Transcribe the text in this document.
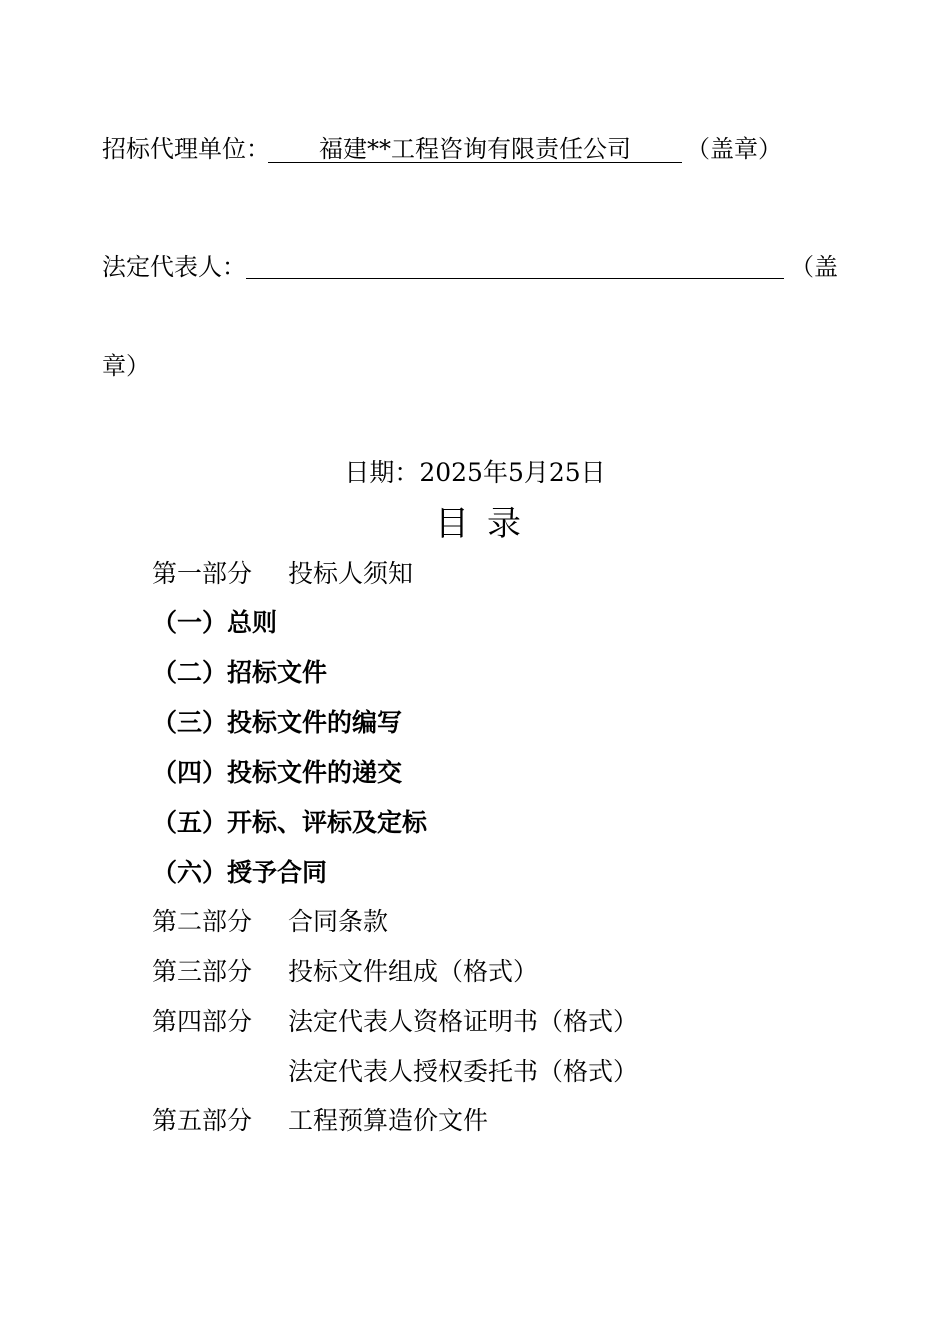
招标代理单位：	福建**工程咨询有限责任公司	（盖章）
法定代表人：	（盖
章）
日期：2025年5月25日
目录
第一部分 投标人须知
（一）总则
（二）招标文件
（三）投标文件的编写
（四）投标文件的递交
（五）开标、评标及定标
（六）授予合同
第二部分 合同条款
第三部分 投标文件组成（格式）
第四部分 法定代表人资格证明书（格式）
法定代表人授权委托书（格式）
第五部分 工程预算造价文件
